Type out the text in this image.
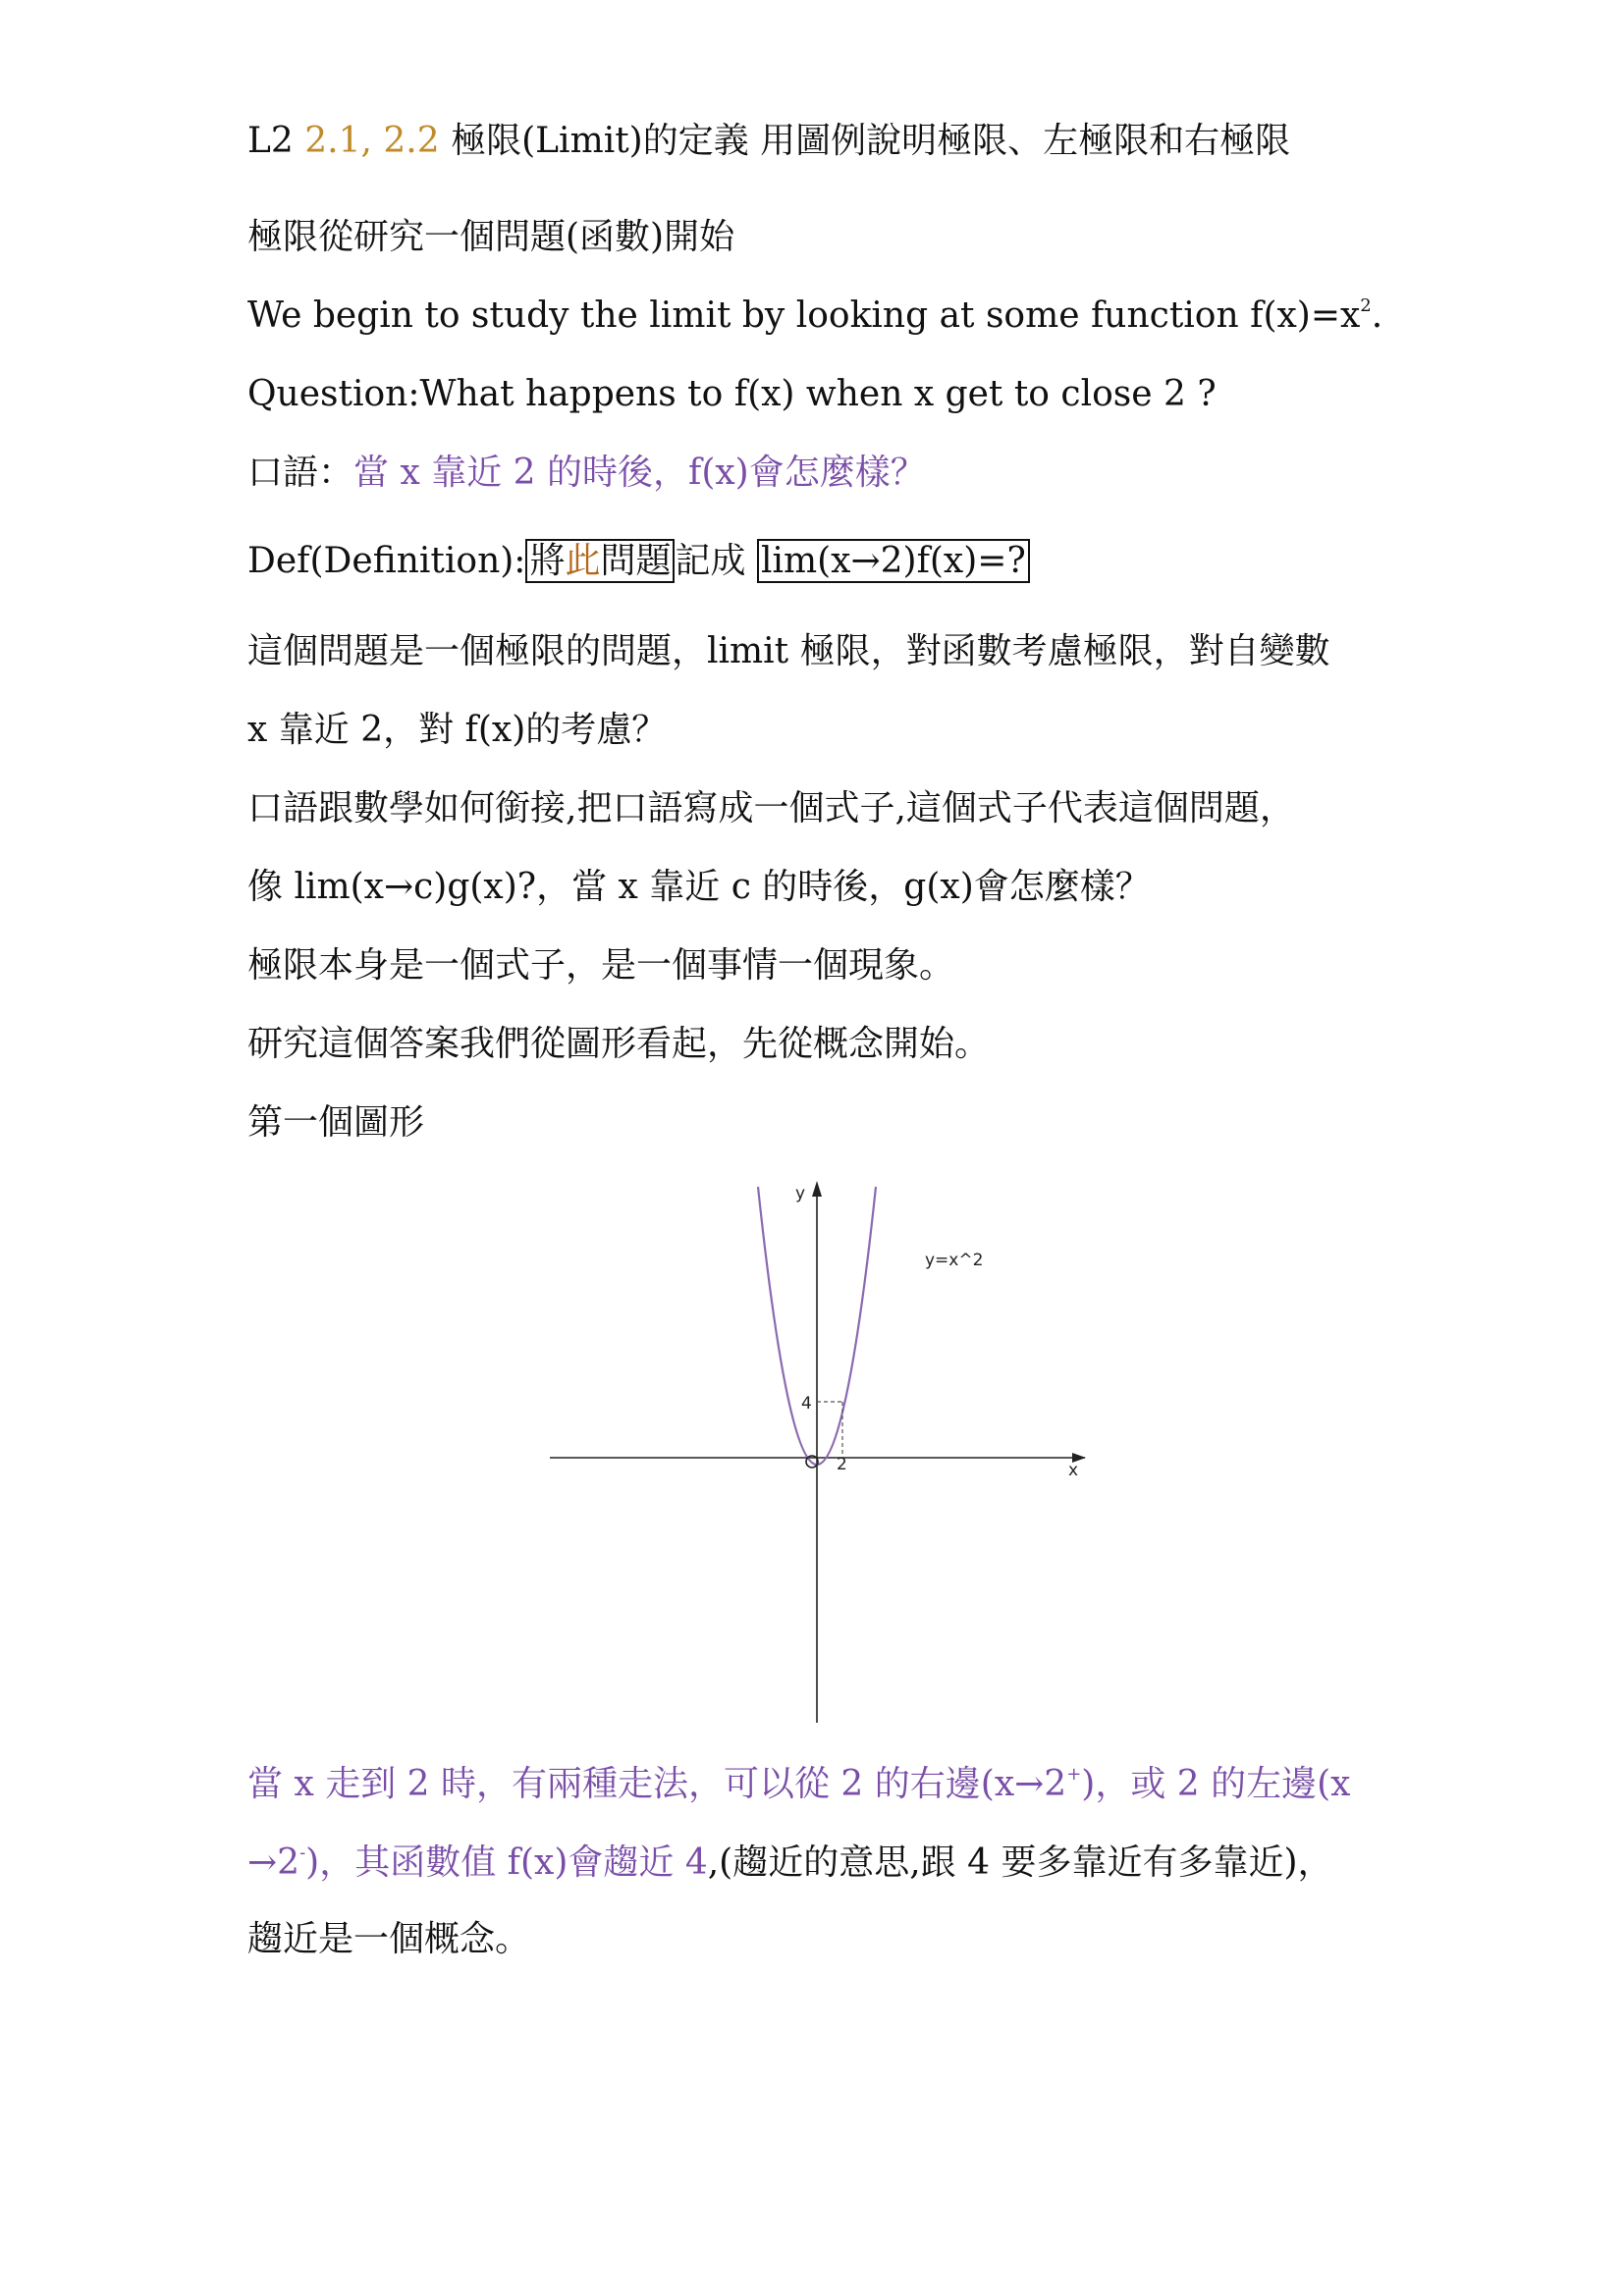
L2 2.1, 2.2 極限(Limit)的定義 用圖例說明極限、左極限和右極限
極限從研究一個問題(函數)開始
We begin to study the limit by looking at some function $f(x)=x^2$.
Question:What happens to f(x) when x get to close 2 ?
口語：當 x 靠近 2 的時後，f(x)會怎麼樣？
Def(Definition): 將此問題 記成 lim(x→2)f(x)=?
這個問題是一個極限的問題，limit 極限，對函數考慮極限，對自變數
x 靠近 2，對 f(x)的考慮？
口語跟數學如何銜接,把口語寫成一個式子,這個式子代表這個問題，
像 lim(x→c)g(x)?，當 x 靠近 c 的時後，g(x)會怎麼樣？
極限本身是一個式子，是一個事情一個現象。
研究這個答案我們從圖形看起，先從概念開始。
第一個圖形
y
x
y=x^2
4
2
當 x 走到 2 時，有兩種走法，可以從 2 的右邊(x→2+)，或 2 的左邊(x
→2-)，其函數值 f(x)會趨近 4,(趨近的意思,跟 4 要多靠近有多靠近)，
趨近是一個概念。
